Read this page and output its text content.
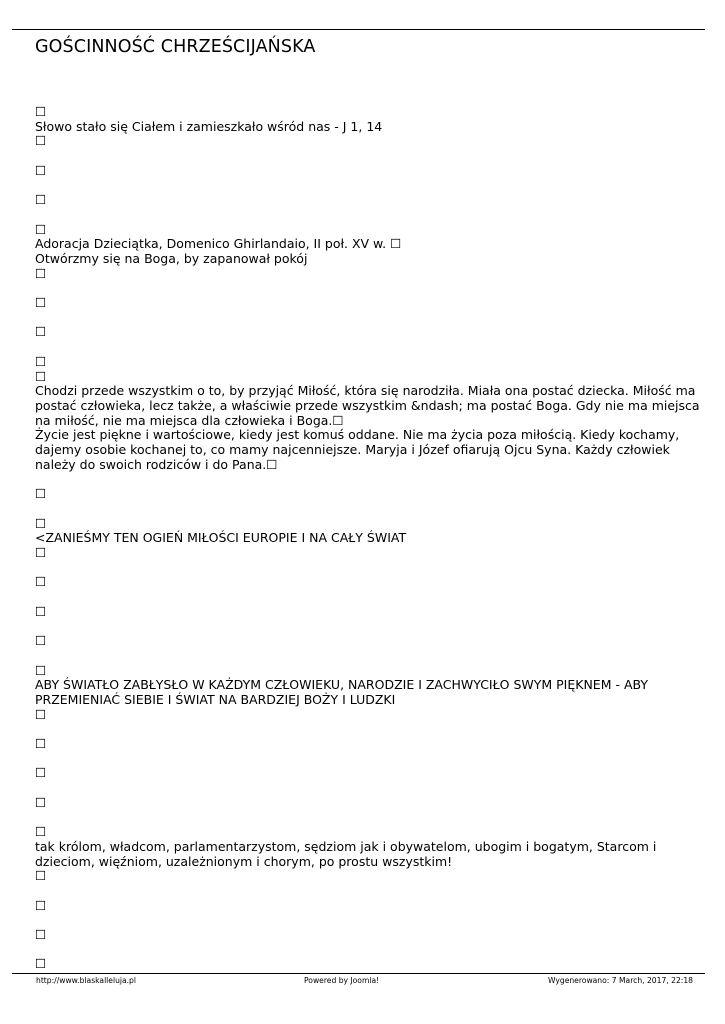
GOŚCINNOŚĆ CHRZEŚCIJAŃSKA
☐
Słowo stało się Ciałem i zamieszkało wśród nas - J 1, 14
☐
☐
☐
☐
Adoracja Dzieciątka, Domenico Ghirlandaio, II poł. XV w. ☐
Otwórzmy się na Boga, by zapanował pokój
☐
☐
☐
☐
☐
Chodzi przede wszystkim o to, by przyjąć Miłość, która się narodziła. Miała ona postać dziecka. Miłość ma postać człowieka, lecz także, a właściwie przede wszystkim &ndash; ma postać Boga. Gdy nie ma miejsca na miłość, nie ma miejsca dla człowieka i Boga.☐
Życie jest piękne i wartościowe, kiedy jest komuś oddane. Nie ma życia poza miłością. Kiedy kochamy, dajemy osobie kochanej to, co mamy najcenniejsze. Maryja i Józef ofiarują Ojcu Syna. Każdy człowiek należy do swoich rodziców i do Pana.☐
☐
☐
<ZANIEŚMY TEN OGIEŃ MIŁOŚCI EUROPIE I NA CAŁY ŚWIAT
☐
☐
☐
☐
☐
ABY ŚWIATŁO ZABŁYSŁO W KAŻDYM CZŁOWIEKU, NARODZIE I ZACHWYCIŁO SWYM PIĘKNEM - ABY PRZEMIENIAĆ SIEBIE I ŚWIAT NA BARDZIEJ BOŻY I LUDZKI
☐
☐
☐
☐
☐
tak królom, władcom, parlamentarzystom, sędziom jak i obywatelom, ubogim i bogatym, Starcom i dzieciom, więźniom, uzależnionym i chorym, po prostu wszystkim!
☐
☐
☐
☐
http://www.blaskalleluja.pl	Powered by Joomla!	Wygenerowano: 7 March, 2017, 22:18
